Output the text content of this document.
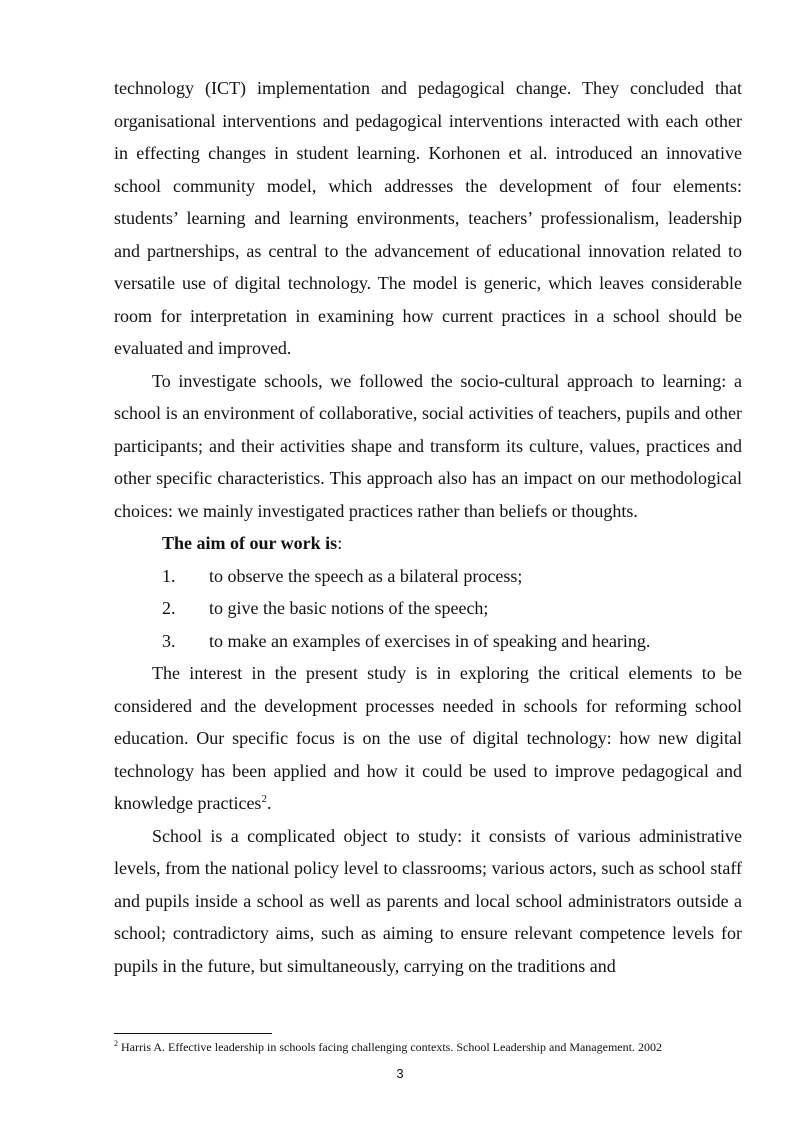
technology (ICT) implementation and pedagogical change. They concluded that organisational interventions and pedagogical interventions interacted with each other in effecting changes in student learning. Korhonen et al. introduced an innovative school community model, which addresses the development of four elements: students’ learning and learning environments, teachers’ professionalism, leadership and partnerships, as central to the advancement of educational innovation related to versatile use of digital technology. The model is generic, which leaves considerable room for interpretation in examining how current practices in a school should be evaluated and improved.

To investigate schools, we followed the socio-cultural approach to learning: a school is an environment of collaborative, social activities of teachers, pupils and other participants; and their activities shape and transform its culture, values, practices and other specific characteristics. This approach also has an impact on our methodological choices: we mainly investigated practices rather than beliefs or thoughts.

The aim of our work is:

1. to observe the speech as a bilateral process;
2. to give the basic notions of the speech;
3. to make an examples of exercises in of speaking and hearing.

The interest in the present study is in exploring the critical elements to be considered and the development processes needed in schools for reforming school education. Our specific focus is on the use of digital technology: how new digital technology has been applied and how it could be used to improve pedagogical and knowledge practices$^2$.

School is a complicated object to study: it consists of various administrative levels, from the national policy level to classrooms; various actors, such as school staff and pupils inside a school as well as parents and local school administrators outside a school; contradictory aims, such as aiming to ensure relevant competence levels for pupils in the future, but simultaneously, carrying on the traditions and

$^2$ Harris A. Effective leadership in schools facing challenging contexts. School Leadership and Management. 2002
3
